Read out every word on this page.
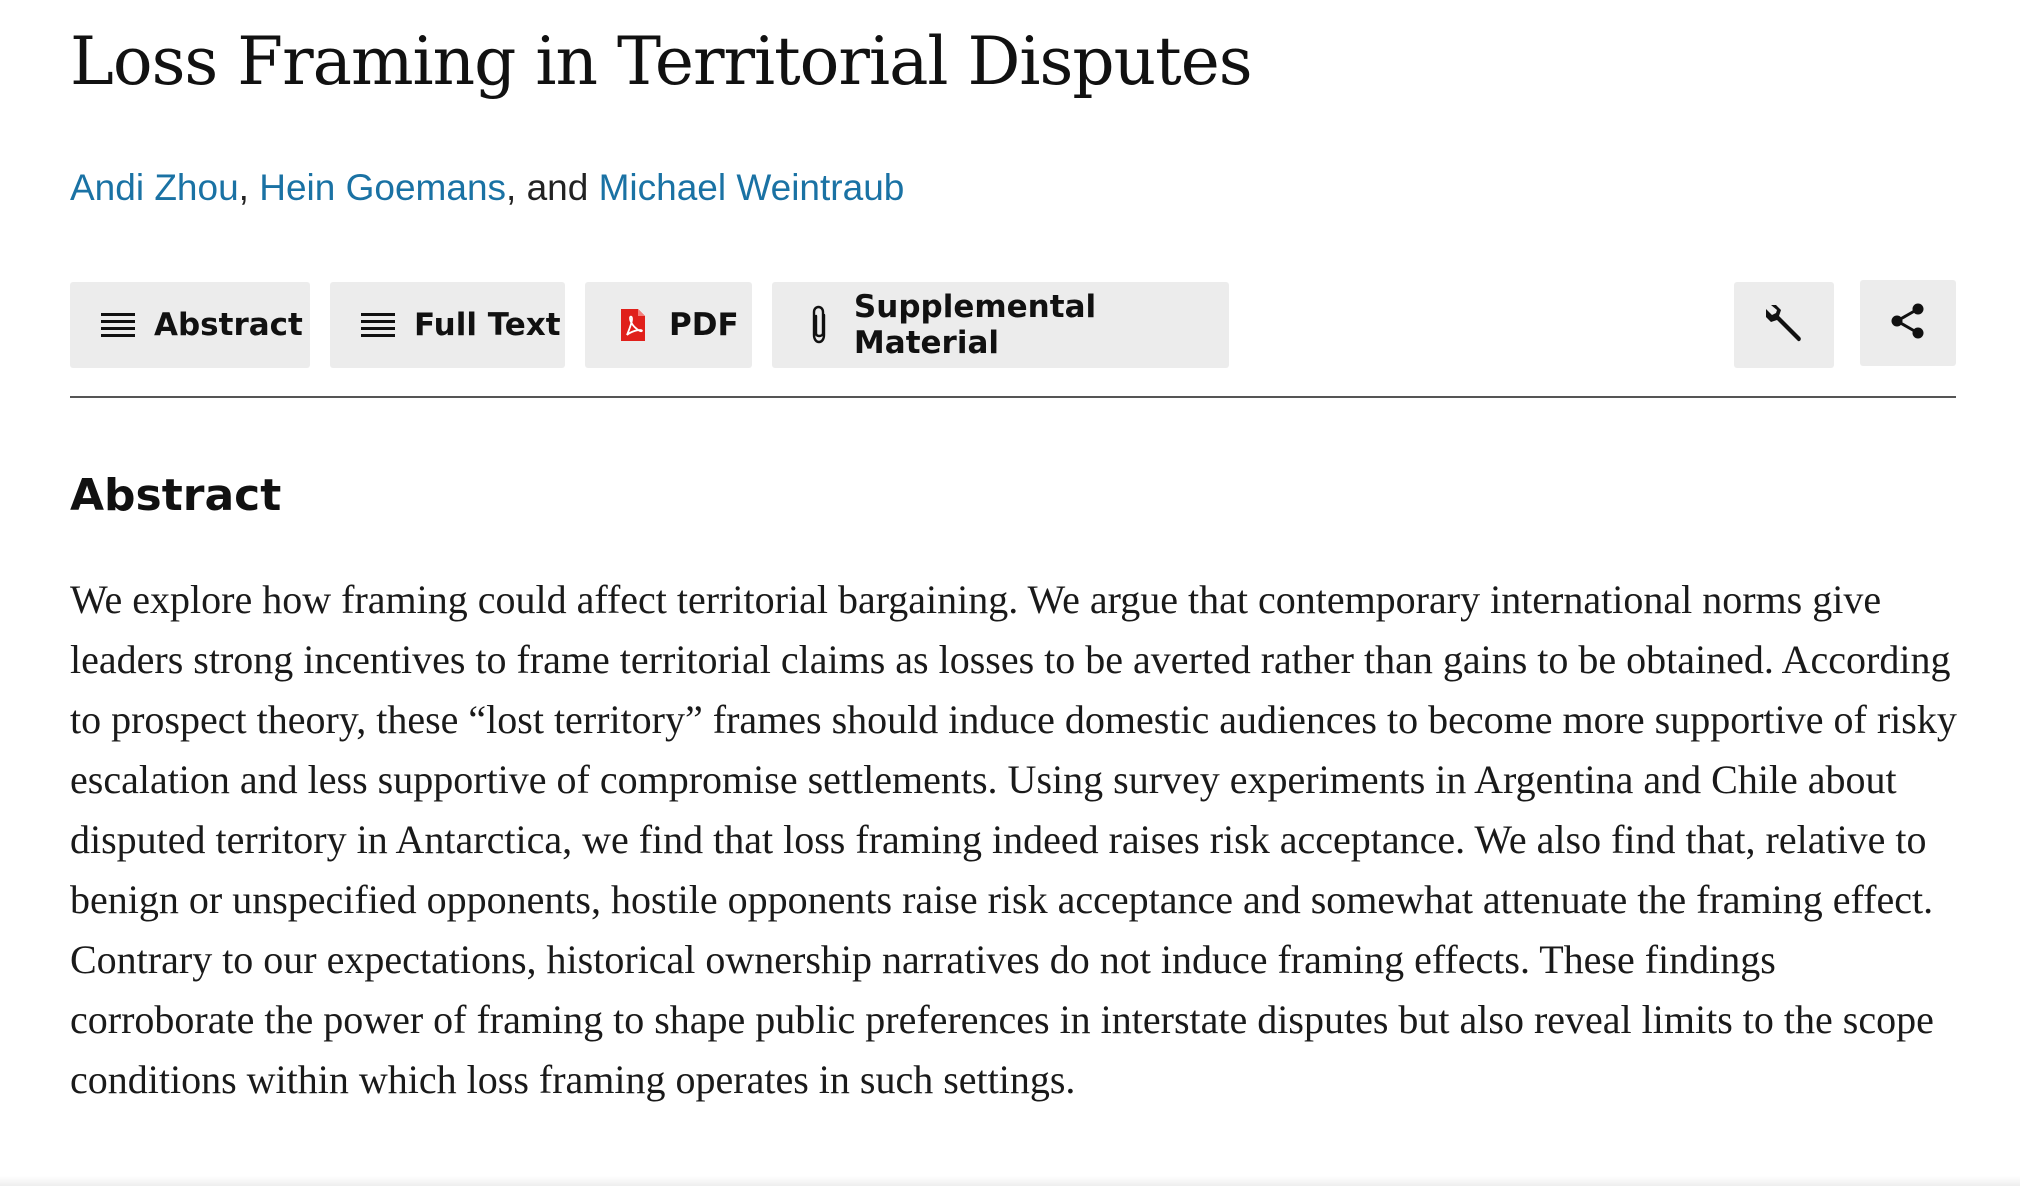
Loss Framing in Territorial Disputes
Andi Zhou, Hein Goemans, and Michael Weintraub
Abstract	Full Text	PDF	Supplemental Material
Abstract

We explore how framing could affect territorial bargaining. We argue that contemporary international norms give leaders strong incentives to frame territorial claims as losses to be averted rather than gains to be obtained. According to prospect theory, these “lost territory” frames should induce domestic audiences to become more supportive of risky escalation and less supportive of compromise settlements. Using survey experiments in Argentina and Chile about disputed territory in Antarctica, we find that loss framing indeed raises risk acceptance. We also find that, relative to benign or unspecified opponents, hostile opponents raise risk acceptance and somewhat attenuate the framing effect. Contrary to our expectations, historical ownership narratives do not induce framing effects. These findings corroborate the power of framing to shape public preferences in interstate disputes but also reveal limits to the scope conditions within which loss framing operates in such settings.
